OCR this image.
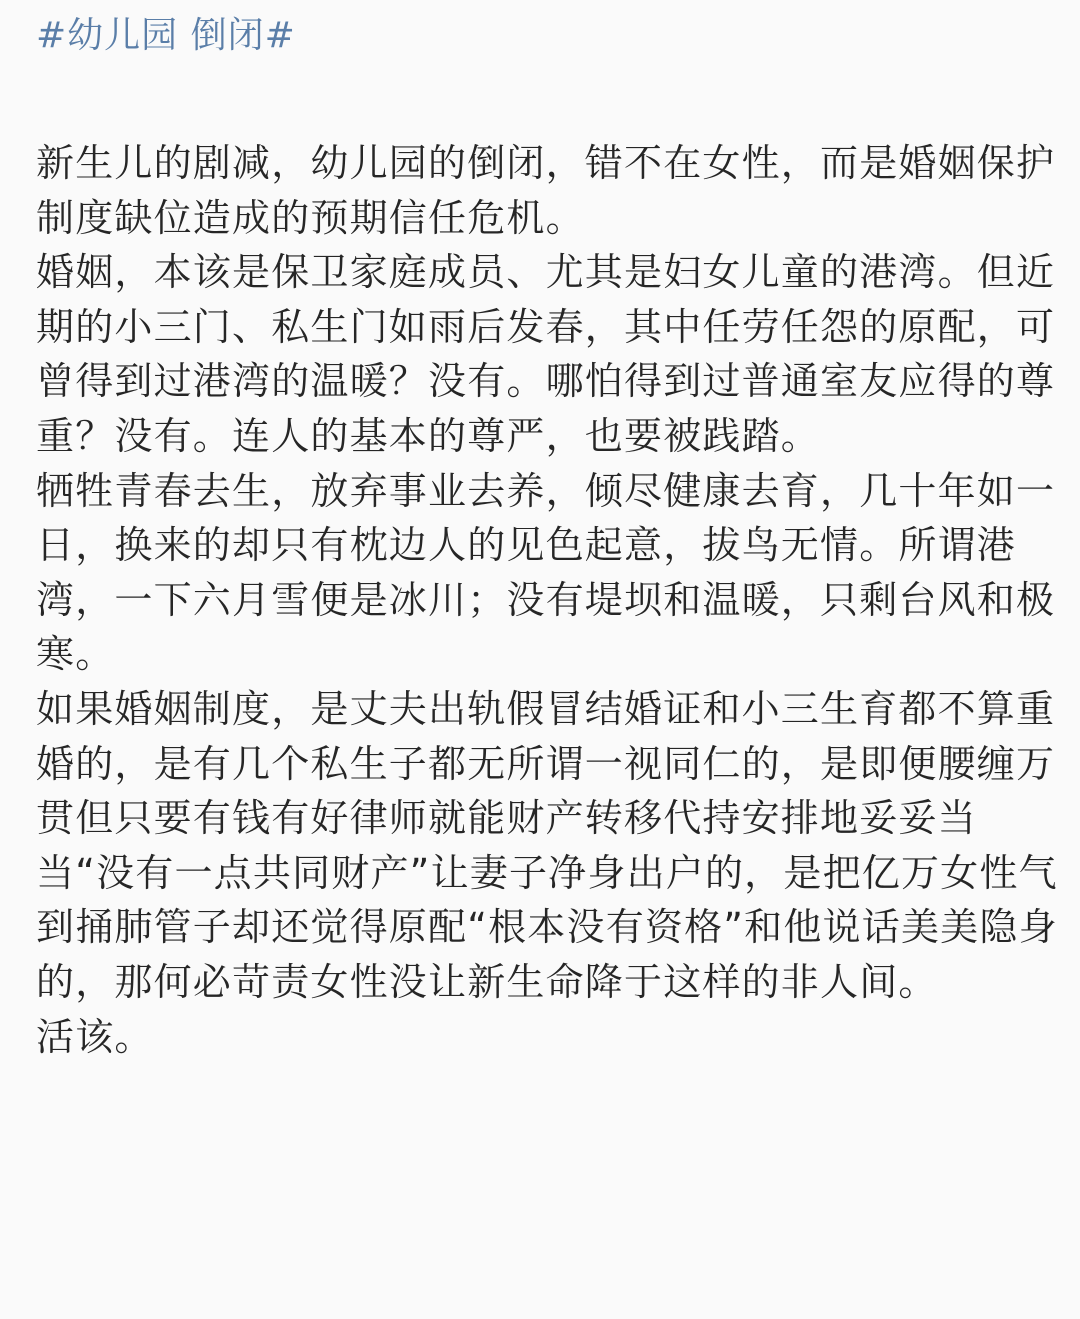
#幼儿园 倒闭#

新生儿的剧减，幼儿园的倒闭，错不在女性，而是婚姻保护制度缺位造成的预期信任危机。

婚姻，本该是保卫家庭成员、尤其是妇女儿童的港湾。但近期的小三门、私生门如雨后发春，其中任劳任怨的原配，可曾得到过港湾的温暖？没有。哪怕得到过普通室友应得的尊重？没有。连人的基本的尊严，也要被践踏。

牺牲青春去生，放弃事业去养，倾尽健康去育，几十年如一日，换来的却只有枕边人的见色起意，拔鸟无情。所谓港湾，一下六月雪便是冰川；没有堤坝和温暖，只剩台风和极寒。

如果婚姻制度，是丈夫出轨假冒结婚证和小三生育都不算重婚的，是有几个私生子都无所谓一视同仁的，是即便腰缠万贯但只要有钱有好律师就能财产转移代持安排地妥妥当当“没有一点共同财产”让妻子净身出户的，是把亿万女性气到捅肺管子却还觉得原配“根本没有资格”和他说话美美隐身的，那何必苛责女性没让新生命降于这样的非人间。

活该。
